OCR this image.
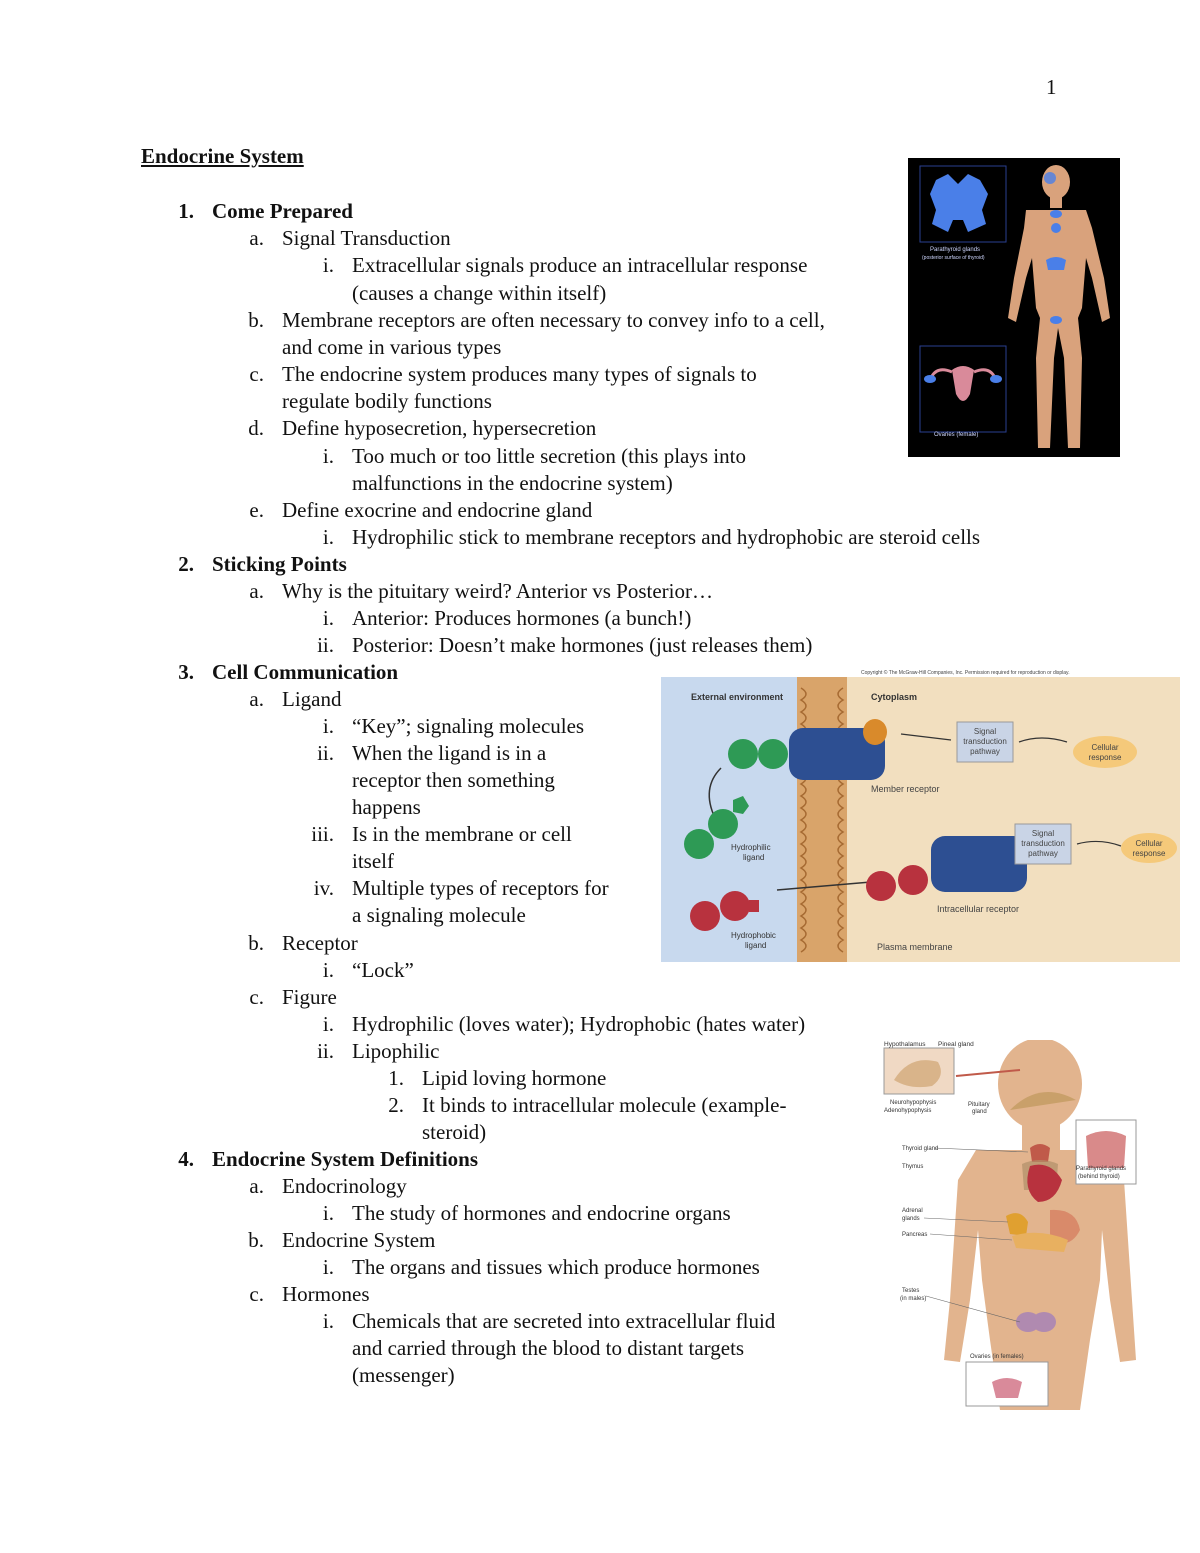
1
Endocrine System
1. Come Prepared
a. Signal Transduction
i. Extracellular signals produce an intracellular response
(causes a change within itself)
b. Membrane receptors are often necessary to convey info to a cell,
and come in various types
c. The endocrine system produces many types of signals to
regulate bodily functions
d. Define hyposecretion, hypersecretion
i. Too much or too little secretion (this plays into
malfunctions in the endocrine system)
e. Define exocrine and endocrine gland
i. Hydrophilic stick to membrane receptors and hydrophobic are steroid cells
2. Sticking Points
a. Why is the pituitary weird? Anterior vs Posterior…
i. Anterior: Produces hormones (a bunch!)
ii. Posterior: Doesn’t make hormones (just releases them)
3. Cell Communication
a. Ligand
i. “Key”; signaling molecules
ii. When the ligand is in a
receptor then something
happens
iii. Is in the membrane or cell
itself
iv. Multiple types of receptors for
a signaling molecule
b. Receptor
i. “Lock”
c. Figure
i. Hydrophilic (loves water); Hydrophobic (hates water)
ii. Lipophilic
1. Lipid loving hormone
2. It binds to intracellular molecule (example-
steroid)
4. Endocrine System Definitions
a. Endocrinology
i. The study of hormones and endocrine organs
b. Endocrine System
i. The organs and tissues which produce hormones
c. Hormones
i. Chemicals that are secreted into extracellular fluid
and carried through the blood to distant targets
(messenger)
Parathyroid glands
(posterior surface of thyroid)
Ovaries (female)
Copyright © The McGraw-Hill Companies, Inc. Permission required for reproduction or display.
External environment	Cytoplasm
Hydrophilic
ligand
Hydrophobic
ligand
Signal
transduction
pathway	Cellular
response
Member receptor
Intracellular receptor
Signal
transduction
pathway
Cellular
response
Plasma membrane
Hypothalamus Pineal gland
Neurohypophysis
Adenohypophysis
Pituitary
gland
Thyroid gland
Thymus	Parathyroid glands
(behind thyroid)
Adrenal
glands
Pancreas
Testes
(in males)
Ovaries (in females)
